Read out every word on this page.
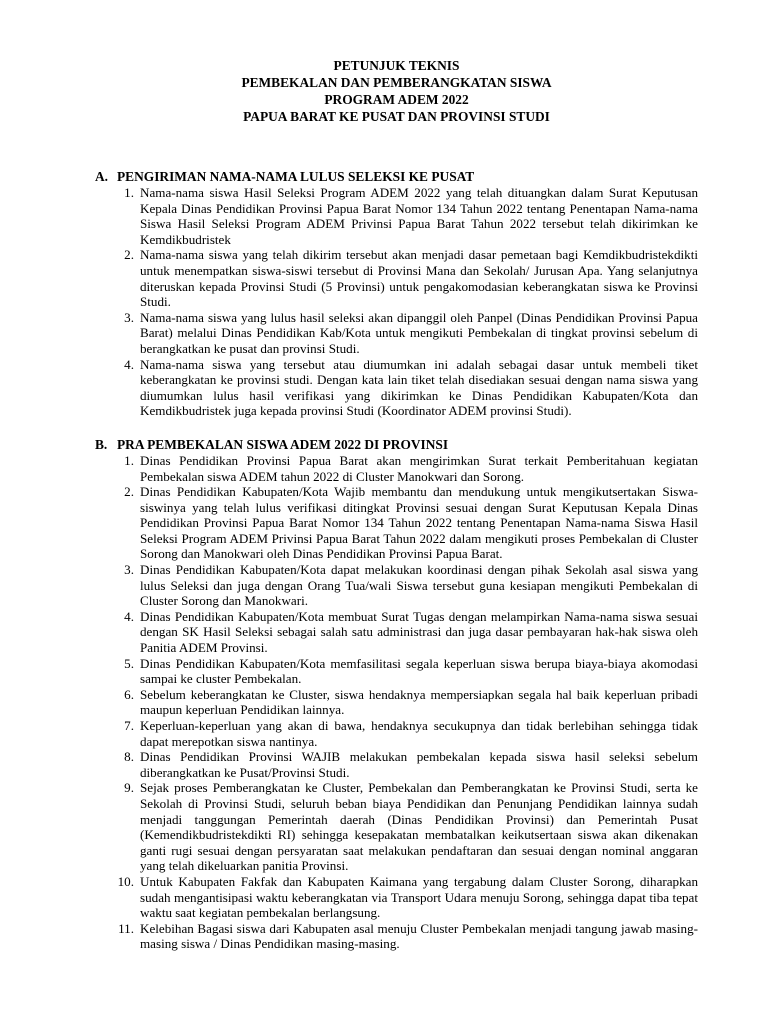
PETUNJUK TEKNIS
PEMBEKALAN DAN PEMBERANGKATAN SISWA
PROGRAM ADEM 2022
PAPUA BARAT KE PUSAT DAN PROVINSI STUDI
A. PENGIRIMAN NAMA-NAMA LULUS SELEKSI KE PUSAT
1. Nama-nama siswa Hasil Seleksi Program ADEM 2022 yang telah dituangkan dalam Surat Keputusan Kepala Dinas Pendidikan Provinsi Papua Barat Nomor 134 Tahun 2022 tentang Penentapan Nama-nama Siswa Hasil Seleksi Program ADEM Privinsi Papua Barat Tahun 2022 tersebut telah dikirimkan ke Kemdikbudristek
2. Nama-nama siswa yang telah dikirim tersebut akan menjadi dasar pemetaan bagi Kemdikbudristekdikti untuk menempatkan siswa-siswi tersebut di Provinsi Mana dan Sekolah/ Jurusan Apa. Yang selanjutnya diteruskan kepada Provinsi Studi (5 Provinsi) untuk pengakomodasian keberangkatan siswa ke Provinsi Studi.
3. Nama-nama siswa yang lulus hasil seleksi akan dipanggil oleh Panpel (Dinas Pendidikan Provinsi Papua Barat) melalui Dinas Pendidikan Kab/Kota untuk mengikuti Pembekalan di tingkat provinsi sebelum di berangkatkan ke pusat dan provinsi Studi.
4. Nama-nama siswa yang tersebut atau diumumkan ini adalah sebagai dasar untuk membeli tiket keberangkatan ke provinsi studi. Dengan kata lain tiket telah disediakan sesuai dengan nama siswa yang diumumkan lulus hasil verifikasi yang dikirimkan ke Dinas Pendidikan Kabupaten/Kota dan Kemdikbudristek juga kepada provinsi Studi (Koordinator ADEM provinsi Studi).
B. PRA PEMBEKALAN SISWA ADEM 2022 DI PROVINSI
1. Dinas Pendidikan Provinsi Papua Barat akan mengirimkan Surat terkait Pemberitahuan kegiatan Pembekalan siswa ADEM tahun 2022 di Cluster Manokwari dan Sorong.
2. Dinas Pendidikan Kabupaten/Kota Wajib membantu dan mendukung untuk mengikutsertakan Siswa-siswinya yang telah lulus verifikasi ditingkat Provinsi sesuai dengan Surat Keputusan Kepala Dinas Pendidikan Provinsi Papua Barat Nomor 134 Tahun 2022 tentang Penentapan Nama-nama Siswa Hasil Seleksi Program ADEM Privinsi Papua Barat Tahun 2022 dalam mengikuti proses Pembekalan di Cluster Sorong dan Manokwari oleh Dinas Pendidikan Provinsi Papua Barat.
3. Dinas Pendidikan Kabupaten/Kota dapat melakukan koordinasi dengan pihak Sekolah asal siswa yang lulus Seleksi dan juga dengan Orang Tua/wali Siswa tersebut guna kesiapan mengikuti Pembekalan di Cluster Sorong dan Manokwari.
4. Dinas Pendidikan Kabupaten/Kota membuat Surat Tugas dengan melampirkan Nama-nama siswa sesuai dengan SK Hasil Seleksi sebagai salah satu administrasi dan juga dasar pembayaran hak-hak siswa oleh Panitia ADEM Provinsi.
5. Dinas Pendidikan Kabupaten/Kota memfasilitasi segala keperluan siswa berupa biaya-biaya akomodasi sampai ke cluster Pembekalan.
6. Sebelum keberangkatan ke Cluster, siswa hendaknya mempersiapkan segala hal baik keperluan pribadi maupun keperluan Pendidikan lainnya.
7. Keperluan-keperluan yang akan di bawa, hendaknya secukupnya dan tidak berlebihan sehingga tidak dapat merepotkan siswa nantinya.
8. Dinas Pendidikan Provinsi WAJIB melakukan pembekalan kepada siswa hasil seleksi sebelum diberangkatkan ke Pusat/Provinsi Studi.
9. Sejak proses Pemberangkatan ke Cluster, Pembekalan dan Pemberangkatan ke Provinsi Studi, serta ke Sekolah di Provinsi Studi, seluruh beban biaya Pendidikan dan Penunjang Pendidikan lainnya sudah menjadi tanggungan Pemerintah daerah (Dinas Pendidikan Provinsi) dan Pemerintah Pusat (Kemendikbudristekdikti RI) sehingga kesepakatan membatalkan keikutsertaan siswa akan dikenakan ganti rugi sesuai dengan persyaratan saat melakukan pendaftaran dan sesuai dengan nominal anggaran yang telah dikeluarkan panitia Provinsi.
10. Untuk Kabupaten Fakfak dan Kabupaten Kaimana yang tergabung dalam Cluster Sorong, diharapkan sudah mengantisipasi waktu keberangkatan via Transport Udara menuju Sorong, sehingga dapat tiba tepat waktu saat kegiatan pembekalan berlangsung.
11. Kelebihan Bagasi siswa dari Kabupaten asal menuju Cluster Pembekalan menjadi tangung jawab masing-masing siswa / Dinas Pendidikan masing-masing.
